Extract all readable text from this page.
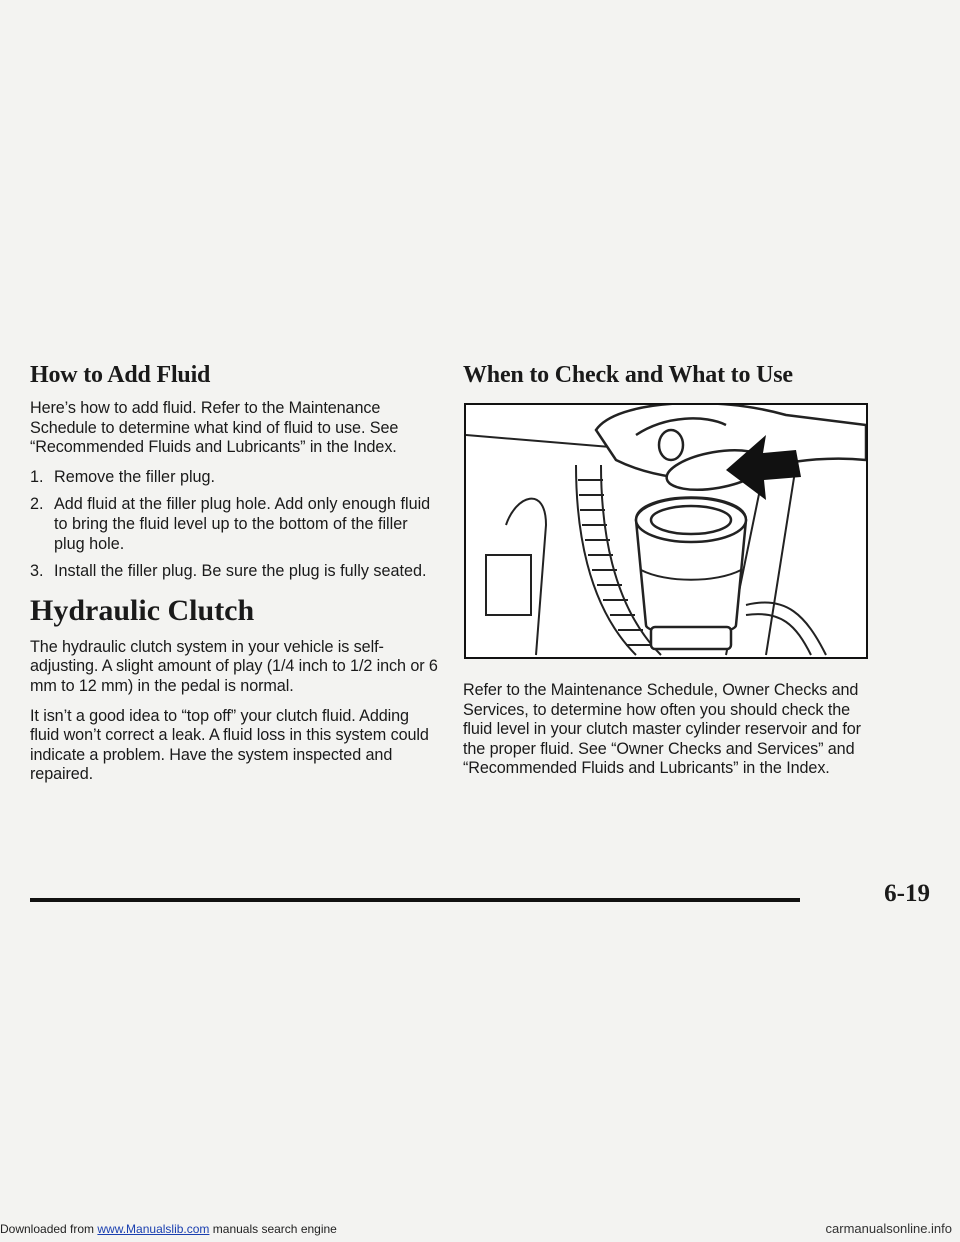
How to Add Fluid

Here’s how to add fluid. Refer to the Maintenance Schedule to determine what kind of fluid to use. See “Recommended Fluids and Lubricants” in the Index.

1. Remove the filler plug.
2. Add fluid at the filler plug hole. Add only enough fluid to bring the fluid level up to the bottom of the filler plug hole.
3. Install the filler plug. Be sure the plug is fully seated.
Hydraulic Clutch

The hydraulic clutch system in your vehicle is self-adjusting. A slight amount of play (1/4 inch to 1/2 inch or 6 mm to 12 mm) in the pedal is normal.

It isn’t a good idea to “top off” your clutch fluid. Adding fluid won’t correct a leak. A fluid loss in this system could indicate a problem. Have the system inspected and repaired.

When to Check and What to Use

Refer to the Maintenance Schedule, Owner Checks and Services, to determine how often you should check the fluid level in your clutch master cylinder reservoir and for the proper fluid. See “Owner Checks and Services” and “Recommended Fluids and Lubricants” in the Index.

6-19
Downloaded from www.Manualslib.com manuals search engine	carmanualsonline.info
